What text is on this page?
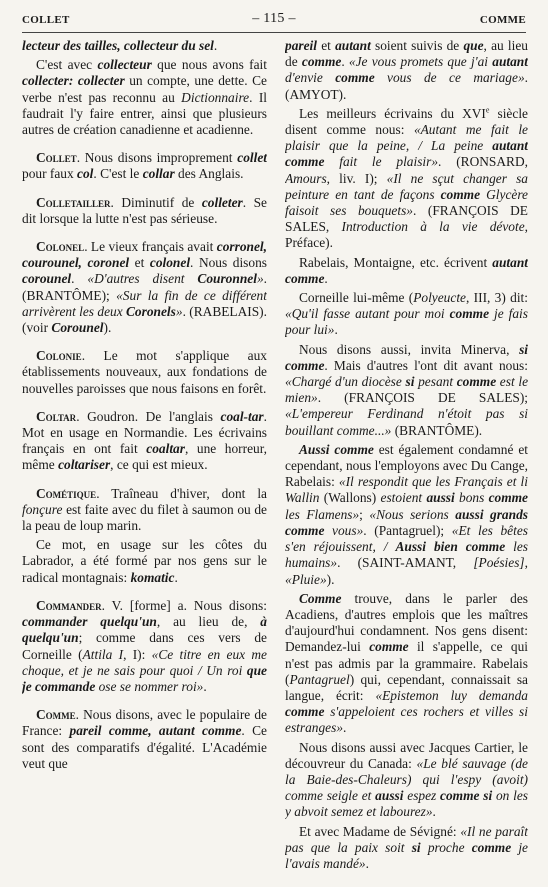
COLLET	– 115 –	COMME

lecteur des tailles, collecteur du sel.

C'est avec collecteur que nous avons fait collecter: collecter un compte, une dette. Ce verbe n'est pas reconnu au Dictionnaire. Il faudrait l'y faire entrer, ainsi que plusieurs autres de création canadienne et acadienne.

Collet. Nous disons improprement collet pour faux col. C'est le collar des Anglais.

Colletailler. Diminutif de colleter. Se dit lorsque la lutte n'est pas sérieuse.

Colonel. Le vieux français avait corronel, courounel, coronel et colonel. Nous disons corounel. «D'autres disent Couronnel». (BRANTÔME); «Sur la fin de ce différent arrivèrent les deux Coronels». (RABELAIS). (voir Corounel).

Colonie. Le mot s'applique aux établissements nouveaux, aux fondations de nouvelles paroisses que nous faisons en forêt.

Coltar. Goudron. De l'anglais coal-tar. Mot en usage en Normandie. Les écrivains français en ont fait coaltar, une horreur, même coltariser, ce qui est mieux.

Cométique. Traîneau d'hiver, dont la fonçure est faite avec du filet à saumon ou de la peau de loup marin.

Ce mot, en usage sur les côtes du Labrador, a été formé par nos gens sur le radical montagnais: komatic.

Commander. V. [forme] a. Nous disons: commander quelqu'un, au lieu de, à quelqu'un; comme dans ces vers de Corneille (Attila I, I): «Ce titre en eux me choque, et je ne sais pour quoi / Un roi que je commande ose se nommer roi».

Comme. Nous disons, avec le populaire de France: pareil comme, autant comme. Ce sont des comparatifs d'égalité. L'Académie veut que

pareil et autant soient suivis de que, au lieu de comme. «Je vous promets que j'ai autant d'envie comme vous de ce mariage». (AMYOT).

Les meilleurs écrivains du XVIe siècle disent comme nous: «Autant me fait le plaisir que la peine, / La peine autant comme fait le plaisir». (RONSARD, Amours, liv. I); «Il ne sçut changer sa peinture en tant de façons comme Glycère faisoit ses bouquets». (FRANÇOIS DE SALES, Introduction à la vie dévote, Préface).

Rabelais, Montaigne, etc. écrivent autant comme.

Corneille lui-même (Polyeucte, III, 3) dit: «Qu'il fasse autant pour moi comme je fais pour lui».

Nous disons aussi, invita Minerva, si comme. Mais d'autres l'ont dit avant nous: «Chargé d'un diocèse si pesant comme est le mien». (FRANÇOIS DE SALES); «L'empereur Ferdinand n'étoit pas si bouillant comme...» (BRANTÔME).

Aussi comme est également condamné et cependant, nous l'employons avec Du Cange, Rabelais: «Il respondit que les Français et li Wallin (Wallons) estoient aussi bons comme les Flamens»; «Nous serions aussi grands comme vous». (Pantagruel); «Et les bêtes s'en réjouissent, / Aussi bien comme les humains». (SAINT-AMANT, [Poésies], «Pluie»).

Comme trouve, dans le parler des Acadiens, d'autres emplois que les maîtres d'aujourd'hui condamnent. Nos gens disent: Demandez-lui comme il s'appelle, ce qui n'est pas admis par la grammaire. Rabelais (Pantagruel) qui, cependant, connaissait sa langue, écrit: «Epistemon luy demanda comme s'appeloient ces rochers et villes si estranges».

Nous disons aussi avec Jacques Cartier, le découvreur du Canada: «Le blé sauvage (de la Baie-des-Chaleurs) qui l'espy (avoit) comme seigle et aussi espez comme si on les y abvoit semez et labourez».

Et avec Madame de Sévigné: «Il ne paraît pas que la paix soit si proche comme je l'avais mandé».
